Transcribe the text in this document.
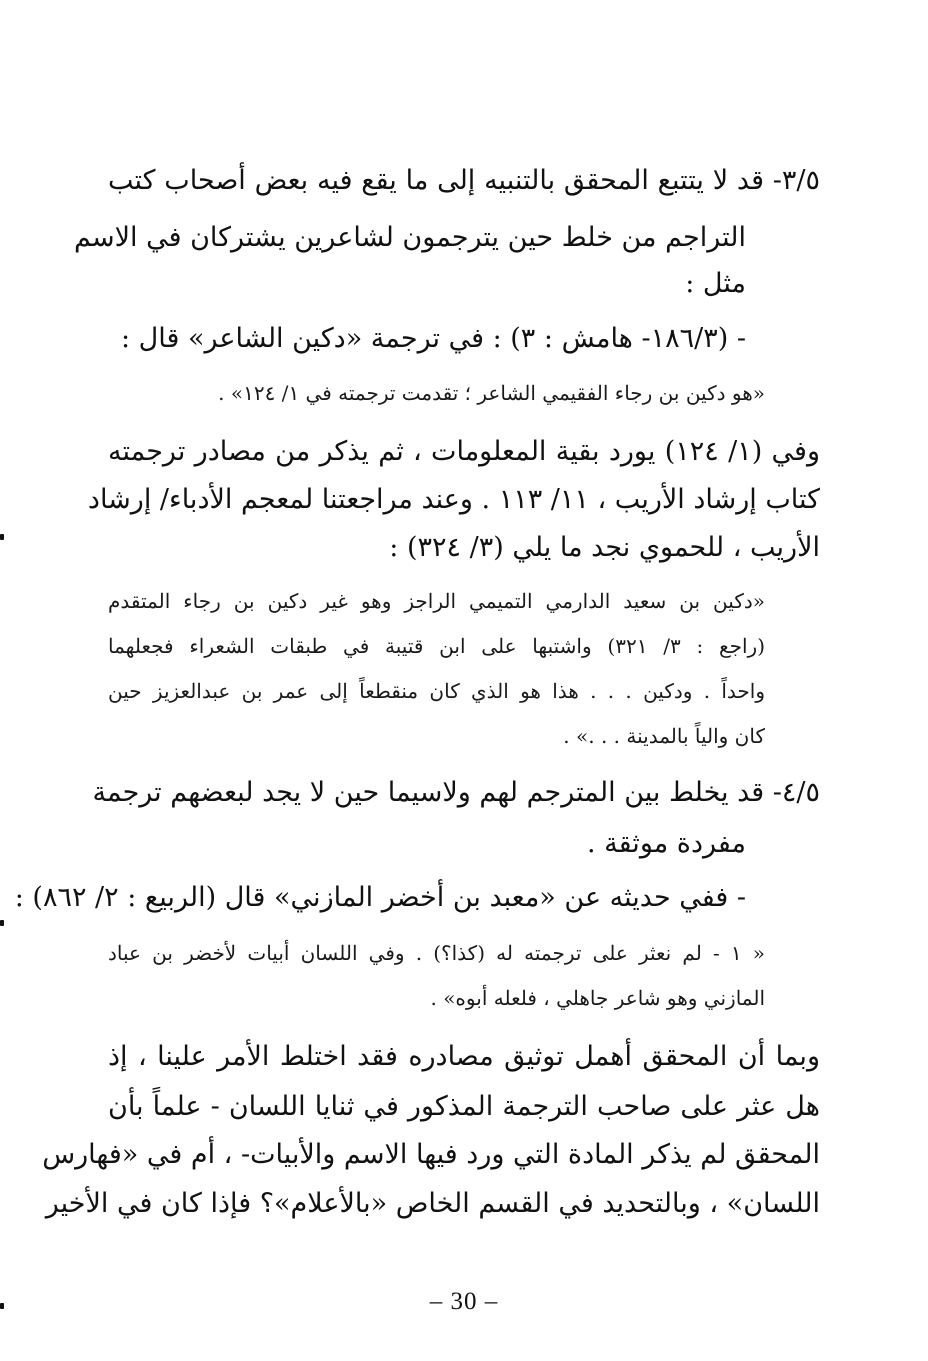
٣/٥- قد لا يتتبع المحقق بالتنبيه إلى ما يقع فيه بعض أصحاب كتب
التراجم من خلط حين يترجمون لشاعرين يشتركان في الاسم
مثل :
- (١٨٦/٣- هامش : ٣) : في ترجمة «دكين الشاعر» قال :
«هو دكين بن رجاء الفقيمي الشاعر ؛ تقدمت ترجمته في ١/ ١٢٤» .
وفي (١/ ١٢٤) يورد بقية المعلومات ، ثم يذكر من مصادر ترجمته
كتاب إرشاد الأريب ، ١١/ ١١٣ . وعند مراجعتنا لمعجم الأدباء/ إرشاد
الأريب ، للحموي نجد ما يلي (٣/ ٣٢٤) :
«دكين بن سعيد الدارمي التميمي الراجز وهو غير دكين بن رجاء المتقدم
(راجع : ٣/ ٣٢١) واشتبها على ابن قتيبة في طبقات الشعراء فجعلهما
واحداً . ودكين . . . هذا هو الذي كان منقطعاً إلى عمر بن عبدالعزيز حين
كان والياً بالمدينة . . .» .
٤/٥- قد يخلط بين المترجم لهم ولاسيما حين لا يجد لبعضهم ترجمة
مفردة موثقة .
- ففي حديثه عن «معبد بن أخضر المازني» قال (الربيع : ٢/ ٨٦٢) :
« ١ - لم نعثر على ترجمته له (كذا؟) . وفي اللسان أبيات لأخضر بن عباد
المازني وهو شاعر جاهلي ، فلعله أبوه» .
وبما أن المحقق أهمل توثيق مصادره فقد اختلط الأمر علينا ، إذ
هل عثر على صاحب الترجمة المذكور في ثنايا اللسان - علماً بأن
المحقق لم يذكر المادة التي ورد فيها الاسم والأبيات- ، أم في «فهارس
اللسان» ، وبالتحديد في القسم الخاص «بالأعلام»؟ فإذا كان في الأخير
– 30 –
